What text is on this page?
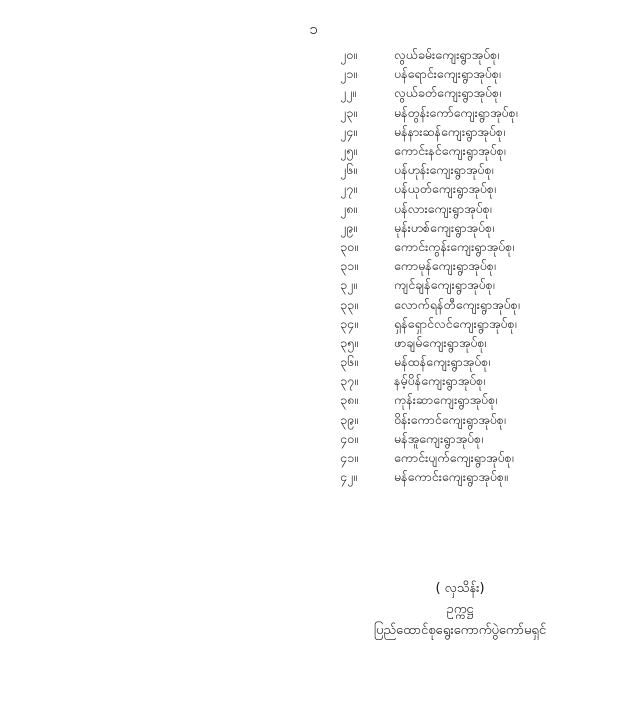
၁
၂၀။	လွယ်ခမ်းကျေးရွာအုပ်စု၊
၂၁။	ပန်ရောင်းကျေးရွာအုပ်စု၊
၂၂။	လွယ်ခတ်ကျေးရွာအုပ်စု၊
၂၃။	မန်တွန်းကော်ကျေးရွာအုပ်စု၊
၂၄။	မန်နားဆန်ကျေးရွာအုပ်စု၊
၂၅။	ကောင်းနင်ကျေးရွာအုပ်စု၊
၂၆။	ပန်ဟုန်းကျေးရွာအုပ်စု၊
၂၇။	ပန်ယုတ်ကျေးရွာအုပ်စု၊
၂၈။	ပန်လားကျေးရွာအုပ်စု၊
၂၉။	မုန်းဟစ်ကျေးရွာအုပ်စု၊
၃၀။	ကောင်းကွန်းကျေးရွာအုပ်စု၊
၃၁။	ကောမုန်ကျေးရွာအုပ်စု၊
၃၂။	ကျင်ချန်ကျေးရွာအုပ်စု၊
၃၃။	လောက်ရန်တီကျေးရွာအုပ်စု၊
၃၄။	ရှန်ရှောင်လင်ကျေးရွာအုပ်စု၊
၃၅။	ဖာချမ်ကျေးရွာအုပ်စု၊
၃၆။	မန်ထန်ကျေးရွာအုပ်စု၊
၃၇။	နမ့်ပိန်ကျေးရွာအုပ်စု၊
၃၈။	ကုန်းဆာကျေးရွာအုပ်စု၊
၃၉။	ဝိန်းကောင်ကျေးရွာအုပ်စု၊
၄၀။	မန်အူကျေးရွာအုပ်စု၊
၄၁။	ကောင်းပျက်ကျေးရွာအုပ်စု၊
၄၂။	မန်ကောင်းကျေးရွာအုပ်စု။
( လှသိန်း)
ဥက္ကဋ္ဌ
ပြည်ထောင်စုရွေးကောက်ပွဲကော်မရှင်
